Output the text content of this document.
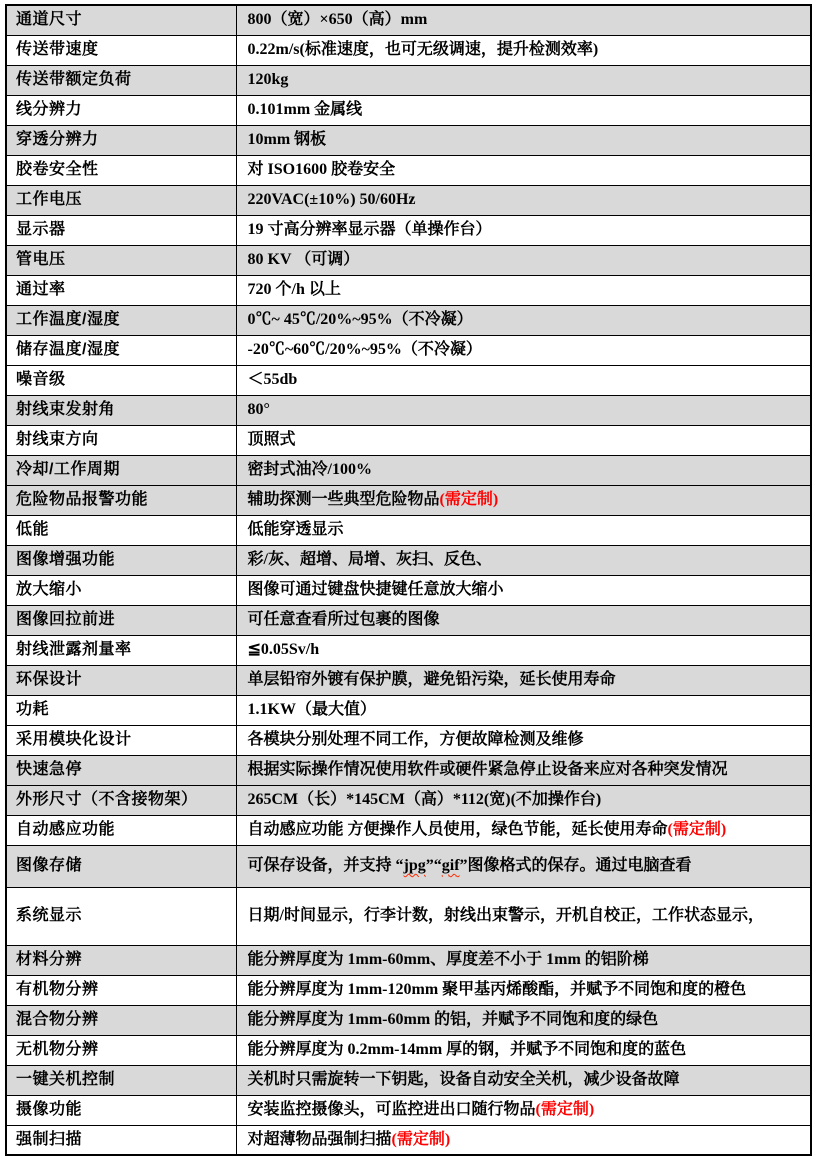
通道尺寸	800（宽）×650（高）mm
传送带速度	0.22m/s(标准速度，也可无级调速，提升检测效率)
传送带额定负荷	120kg
线分辨力	0.101mm 金属线
穿透分辨力	10mm 钢板
胶卷安全性	对 ISO1600 胶卷安全
工作电压	220VAC(±10%) 50/60Hz
显示器	19 寸高分辨率显示器（单操作台）
管电压	80 KV （可调）
通过率	720 个/h 以上
工作温度/湿度	0℃~ 45℃/20%~95%（不冷凝）
储存温度/湿度	-20℃~60℃/20%~95%（不冷凝）
噪音级	＜55db
射线束发射角	80°
射线束方向	顶照式
冷却/工作周期	密封式油冷/100%
危险物品报警功能	辅助探测一些典型危险物品(需定制)
低能	低能穿透显示
图像增强功能	彩/灰、超增、局增、灰扫、反色、
放大缩小	图像可通过键盘快捷键任意放大缩小
图像回拉前进	可任意查看所过包裹的图像
射线泄露剂量率	≦0.05Sv/h
环保设计	单层铅帘外镀有保护膜，避免铅污染，延长使用寿命
功耗	1.1KW（最大值）
采用模块化设计	各模块分别处理不同工作，方便故障检测及维修
快速急停	根据实际操作情况使用软件或硬件紧急停止设备来应对各种突发情况
外形尺寸（不含接物架）	265CM（长）*145CM（高）*112(宽)(不加操作台)
自动感应功能	自动感应功能 方便操作人员使用，绿色节能，延长使用寿命(需定制)
图像存储	可保存设备，并支持 “jpg”“gif”图像格式的保存。通过电脑查看
系统显示	日期/时间显示，行李计数，射线出束警示，开机自校正，工作状态显示，
材料分辨	能分辨厚度为 1mm-60mm、厚度差不小于 1mm 的铝阶梯
有机物分辨	能分辨厚度为 1mm-120mm 聚甲基丙烯酸酯，并赋予不同饱和度的橙色
混合物分辨	能分辨厚度为 1mm-60mm 的铝，并赋予不同饱和度的绿色
无机物分辨	能分辨厚度为 0.2mm-14mm 厚的钢，并赋予不同饱和度的蓝色
一键关机控制	关机时只需旋转一下钥匙，设备自动安全关机，减少设备故障
摄像功能	安装监控摄像头，可监控进出口随行物品(需定制)
强制扫描	对超薄物品强制扫描(需定制)
